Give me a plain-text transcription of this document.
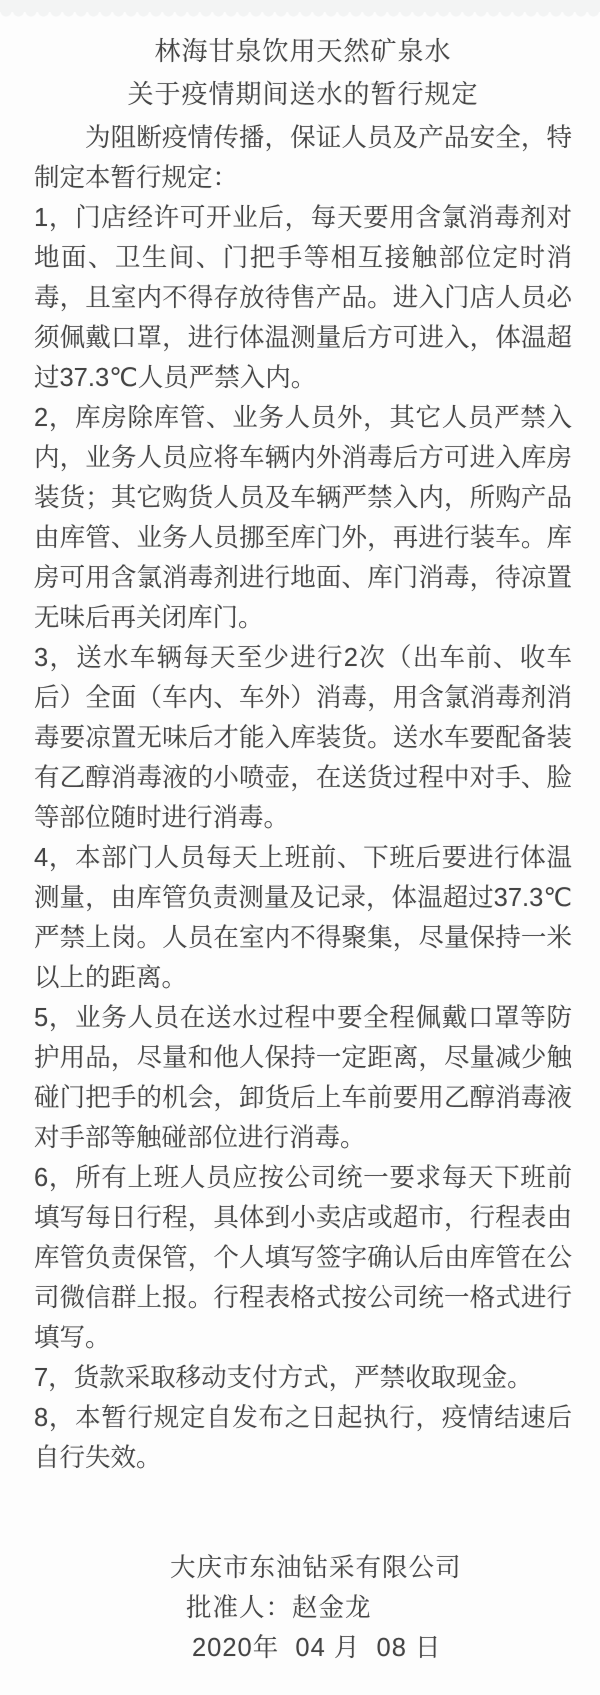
林海甘泉饮用天然矿泉水
关于疫情期间送水的暂行规定

为阻断疫情传播，保证人员及产品安全，特制定本暂行规定：

1，门店经许可开业后，每天要用含氯消毒剂对地面、卫生间、门把手等相互接触部位定时消毒，且室内不得存放待售产品。进入门店人员必须佩戴口罩，进行体温测量后方可进入，体温超过37.3℃人员严禁入内。

2，库房除库管、业务人员外，其它人员严禁入内，业务人员应将车辆内外消毒后方可进入库房装货；其它购货人员及车辆严禁入内，所购产品由库管、业务人员挪至库门外，再进行装车。库房可用含氯消毒剂进行地面、库门消毒，待凉置无味后再关闭库门。

3，送水车辆每天至少进行2次（出车前、收车后）全面（车内、车外）消毒，用含氯消毒剂消毒要凉置无味后才能入库装货。送水车要配备装有乙醇消毒液的小喷壶，在送货过程中对手、脸等部位随时进行消毒。

4，本部门人员每天上班前、下班后要进行体温测量，由库管负责测量及记录，体温超过37.3℃严禁上岗。人员在室内不得聚集，尽量保持一米以上的距离。

5，业务人员在送水过程中要全程佩戴口罩等防护用品，尽量和他人保持一定距离，尽量减少触碰门把手的机会，卸货后上车前要用乙醇消毒液对手部等触碰部位进行消毒。

6，所有上班人员应按公司统一要求每天下班前填写每日行程，具体到小卖店或超市，行程表由库管负责保管，个人填写签字确认后由库管在公司微信群上报。行程表格式按公司统一格式进行填写。

7，货款采取移动支付方式，严禁收取现金。

8，本暂行规定自发布之日起执行，疫情结速后自行失效。

大庆市东油钻采有限公司
批准人：赵金龙
2020年  04 月  08 日
